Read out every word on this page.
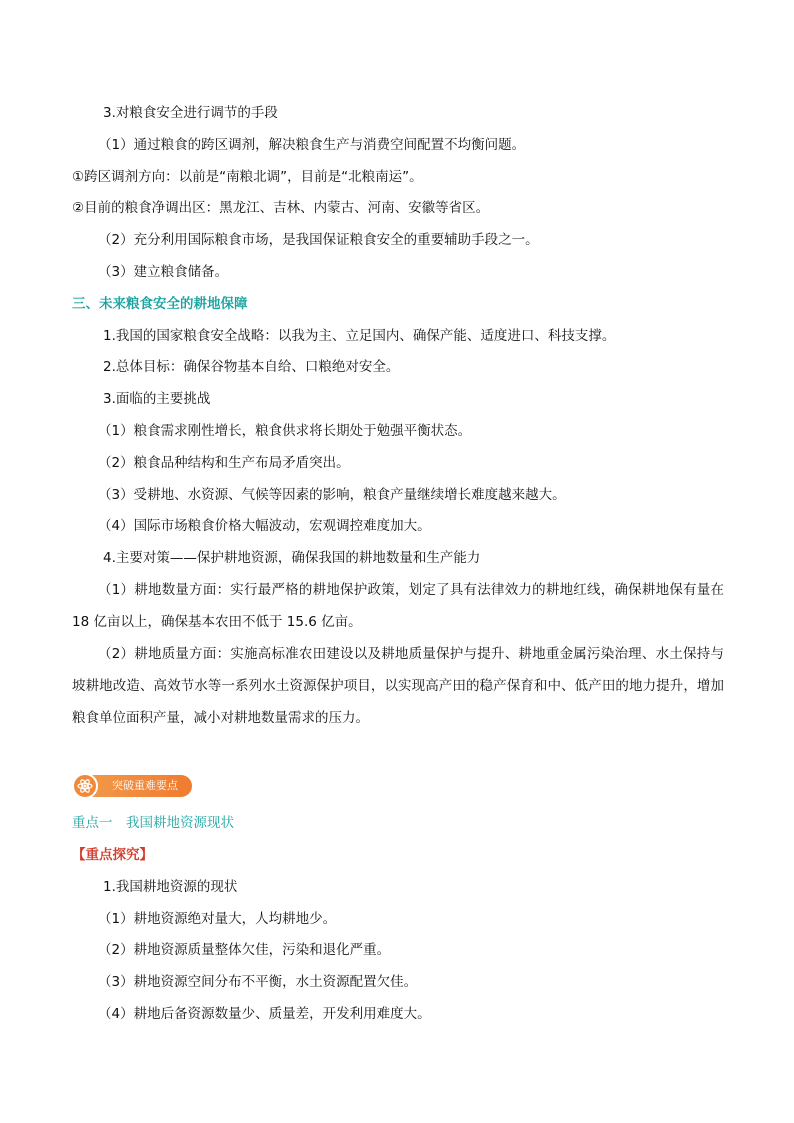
3.对粮食安全进行调节的手段
（1）通过粮食的跨区调剂，解决粮食生产与消费空间配置不均衡问题。
①跨区调剂方向：以前是“南粮北调”，目前是“北粮南运”。
②目前的粮食净调出区：黑龙江、吉林、内蒙古、河南、安徽等省区。
（2）充分利用国际粮食市场，是我国保证粮食安全的重要辅助手段之一。
（3）建立粮食储备。
三、未来粮食安全的耕地保障
1.我国的国家粮食安全战略：以我为主、立足国内、确保产能、适度进口、科技支撑。
2.总体目标：确保谷物基本自给、口粮绝对安全。
3.面临的主要挑战
（1）粮食需求刚性增长，粮食供求将长期处于勉强平衡状态。
（2）粮食品种结构和生产布局矛盾突出。
（3）受耕地、水资源、气候等因素的影响，粮食产量继续增长难度越来越大。
（4）国际市场粮食价格大幅波动，宏观调控难度加大。
4.主要对策——保护耕地资源，确保我国的耕地数量和生产能力
（1）耕地数量方面：实行最严格的耕地保护政策，划定了具有法律效力的耕地红线，确保耕地保有量在 18 亿亩以上，确保基本农田不低于 15.6 亿亩。
（2）耕地质量方面：实施高标准农田建设以及耕地质量保护与提升、耕地重金属污染治理、水土保持与坡耕地改造、高效节水等一系列水土资源保护项目，以实现高产田的稳产保育和中、低产田的地力提升，增加粮食单位面积产量，减小对耕地数量需求的压力。
突破重难要点
重点一　我国耕地资源现状
【重点探究】
1.我国耕地资源的现状
（1）耕地资源绝对量大，人均耕地少。
（2）耕地资源质量整体欠佳，污染和退化严重。
（3）耕地资源空间分布不平衡，水土资源配置欠佳。
（4）耕地后备资源数量少、质量差，开发利用难度大。
